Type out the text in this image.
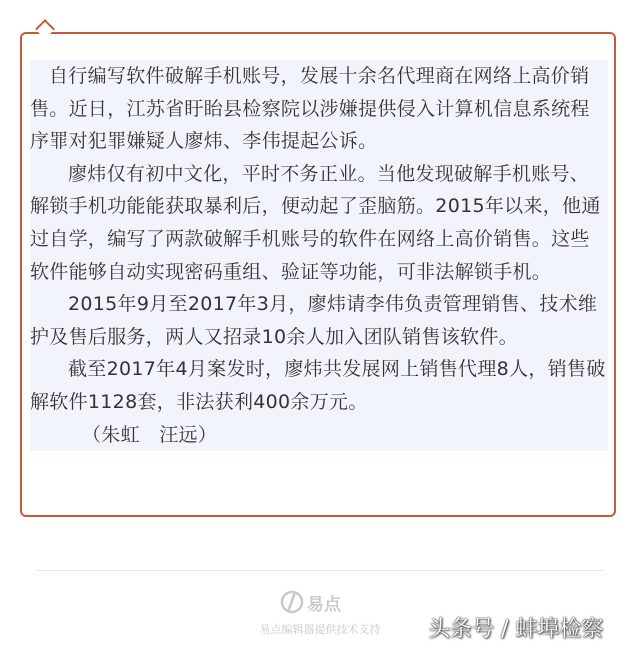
自行编写软件破解手机账号，发展十余名代理商在网络上高价销售。近日，江苏省盱眙县检察院以涉嫌提供侵入计算机信息系统程序罪对犯罪嫌疑人廖炜、李伟提起公诉。

廖炜仅有初中文化，平时不务正业。当他发现破解手机账号、解锁手机功能能获取暴利后，便动起了歪脑筋。2015年以来，他通过自学，编写了两款破解手机账号的软件在网络上高价销售。这些软件能够自动实现密码重组、验证等功能，可非法解锁手机。

2015年9月至2017年3月，廖炜请李伟负责管理销售、技术维护及售后服务，两人又招录10余人加入团队销售该软件。

截至2017年4月案发时，廖炜共发展网上销售代理8人，销售破解软件1128套，非法获利400余万元。

（朱虹　汪远）

易点
易点编辑器提供技术支持	头条号 / 蚌埠检察
